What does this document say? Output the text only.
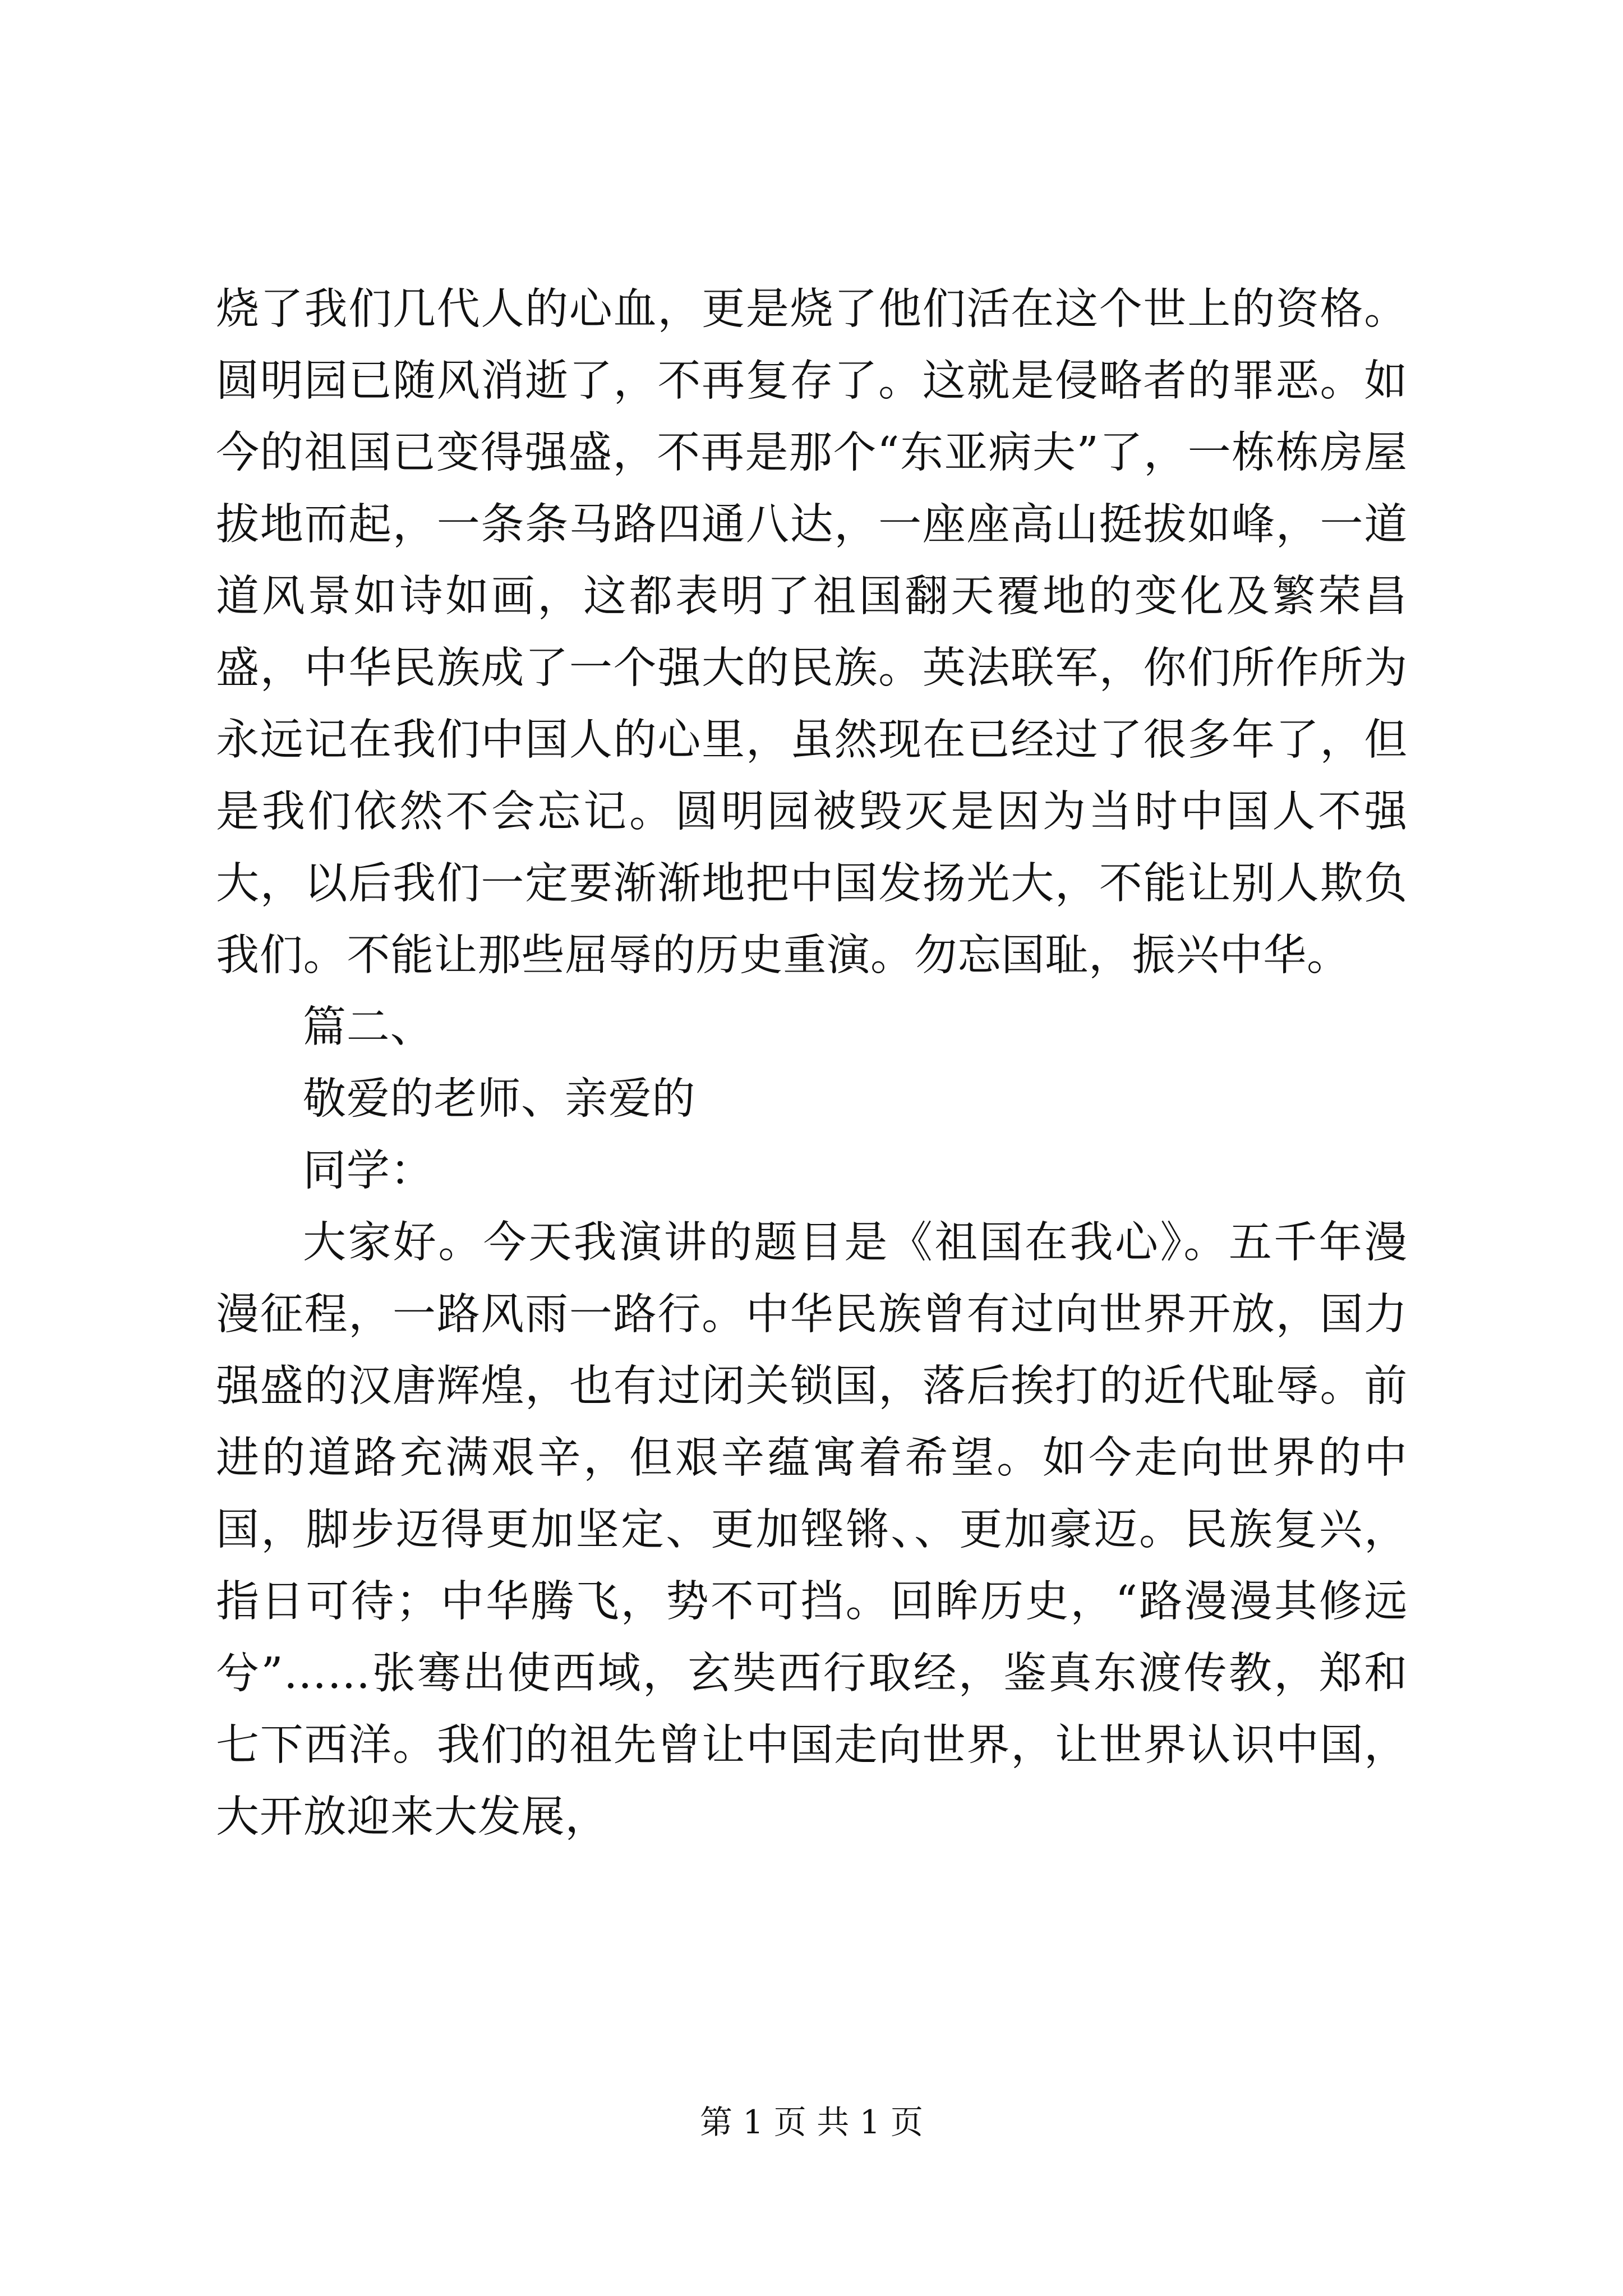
烧了我们几代人的心血，更是烧了他们活在这个世上的资格。圆明园已随风消逝了，不再复存了。这就是侵略者的罪恶。如今的祖国已变得强盛，不再是那个“东亚病夫”了，一栋栋房屋拔地而起，一条条马路四通八达，一座座高山挺拔如峰，一道道风景如诗如画，这都表明了祖国翻天覆地的变化及繁荣昌盛，中华民族成了一个强大的民族。英法联军，你们所作所为永远记在我们中国人的心里，虽然现在已经过了很多年了，但是我们依然不会忘记。圆明园被毁灭是因为当时中国人不强大，以后我们一定要渐渐地把中国发扬光大，不能让别人欺负我们。不能让那些屈辱的历史重演。勿忘国耻，振兴中华。

篇二、

敬爱的老师、亲爱的

同学：

大家好。今天我演讲的题目是《祖国在我心》。五千年漫漫征程，一路风雨一路行。中华民族曾有过向世界开放，国力强盛的汉唐辉煌，也有过闭关锁国，落后挨打的近代耻辱。前进的道路充满艰辛，但艰辛蕴寓着希望。如今走向世界的中国，脚步迈得更加坚定、更加铿锵、、更加豪迈。民族复兴，指日可待；中华腾飞，势不可挡。回眸历史，“路漫漫其修远兮”……张骞出使西域，玄奘西行取经，鉴真东渡传教，郑和七下西洋。我们的祖先曾让中国走向世界，让世界认识中国，大开放迎来大发展，

第 1 页 共 1 页
